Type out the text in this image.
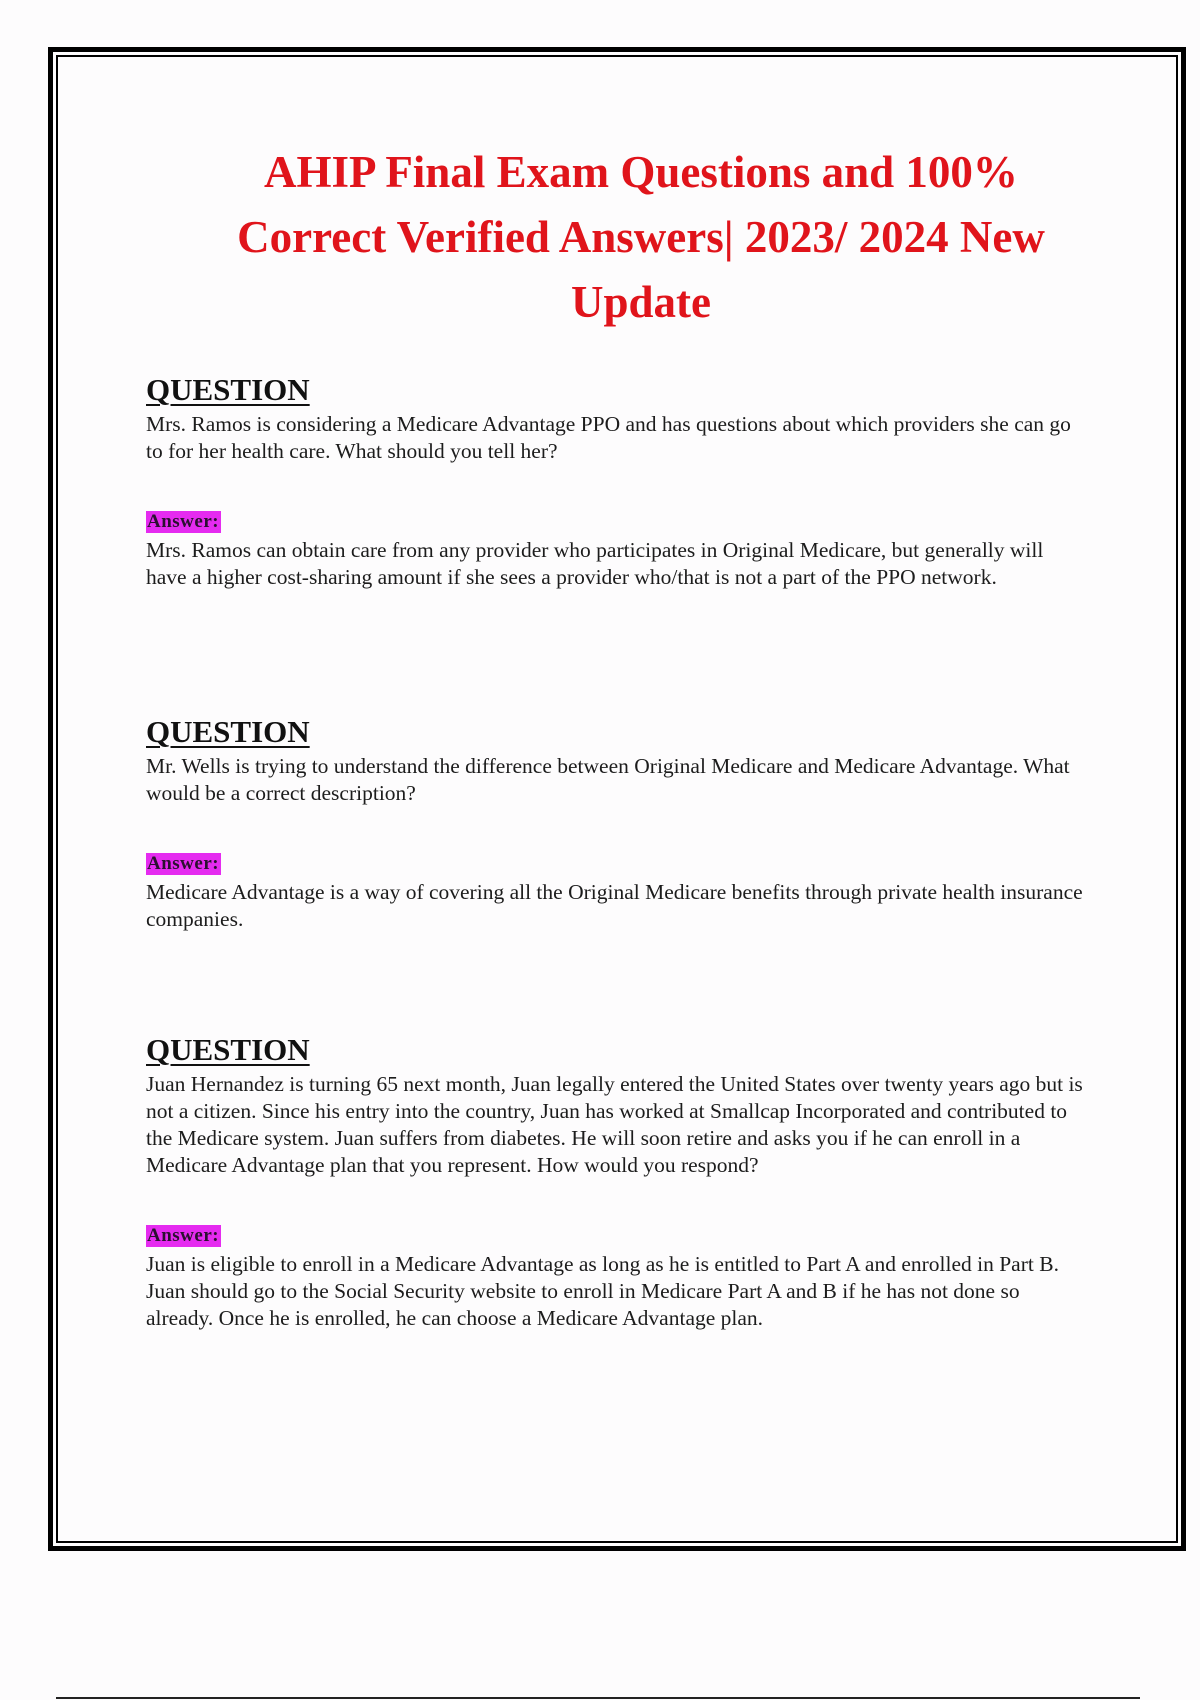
AHIP Final Exam Questions and 100% Correct Verified Answers| 2023/ 2024 New Update
QUESTION

Mrs. Ramos is considering a Medicare Advantage PPO and has questions about which providers she can go to for her health care. What should you tell her?

Answer:

Mrs. Ramos can obtain care from any provider who participates in Original Medicare, but generally will have a higher cost-sharing amount if she sees a provider who/that is not a part of the PPO network.

QUESTION

Mr. Wells is trying to understand the difference between Original Medicare and Medicare Advantage. What would be a correct description?

Answer:

Medicare Advantage is a way of covering all the Original Medicare benefits through private health insurance companies.

QUESTION

Juan Hernandez is turning 65 next month, Juan legally entered the United States over twenty years ago but is not a citizen. Since his entry into the country, Juan has worked at Smallcap Incorporated and contributed to the Medicare system. Juan suffers from diabetes. He will soon retire and asks you if he can enroll in a Medicare Advantage plan that you represent. How would you respond?

Answer:

Juan is eligible to enroll in a Medicare Advantage as long as he is entitled to Part A and enrolled in Part B. Juan should go to the Social Security website to enroll in Medicare Part A and B if he has not done so already. Once he is enrolled, he can choose a Medicare Advantage plan.
